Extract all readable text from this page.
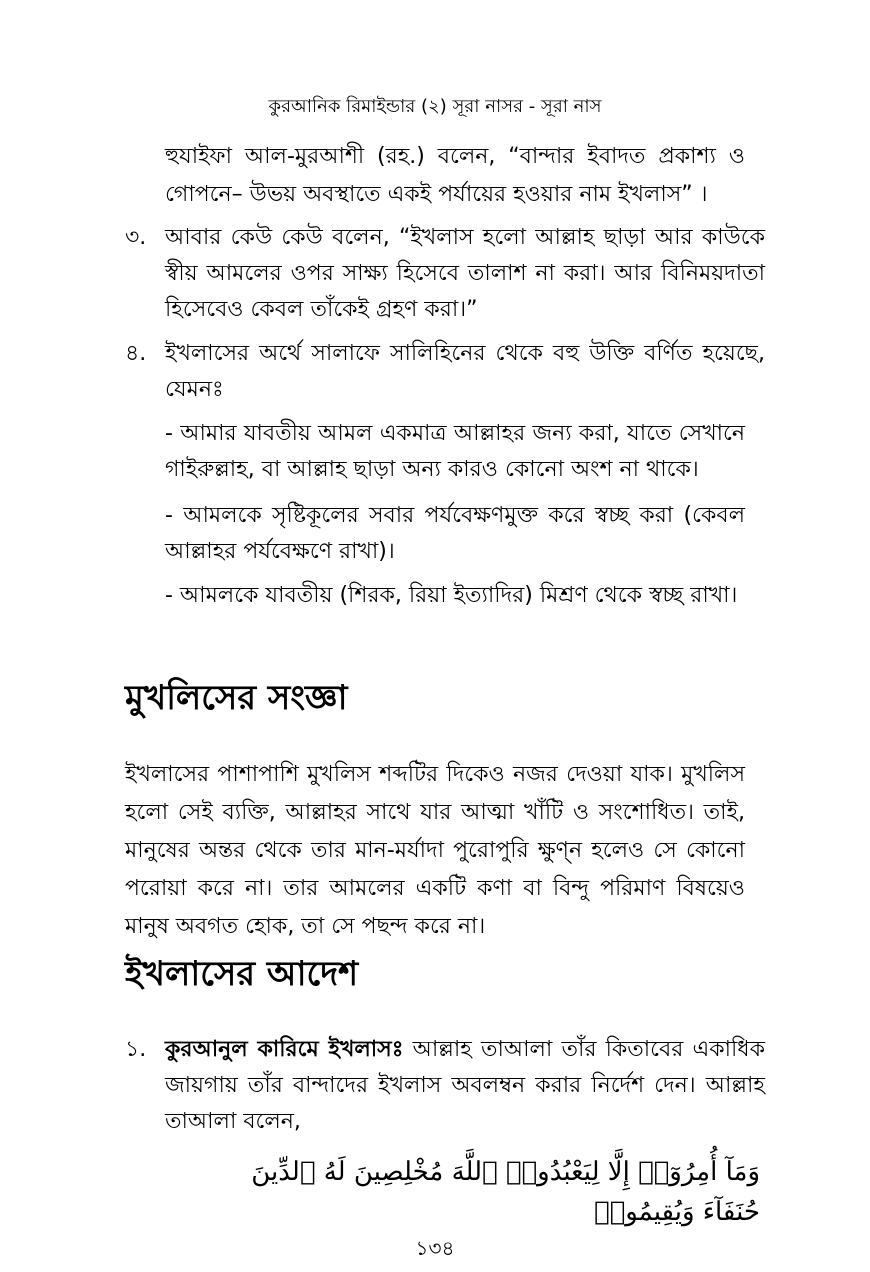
কুরআনিক রিমাইন্ডার (২) সূরা নাসর - সূরা নাস

হুযাইফা আল-মুরআশী (রহ.) বলেন, “বান্দার ইবাদত প্রকাশ্য ও গোপনে– উভয় অবস্থাতে একই পর্যায়ের হওয়ার নাম ইখলাস” ।

৩. আবার কেউ কেউ বলেন, “ইখলাস হলো আল্লাহ ছাড়া আর কাউকে স্বীয় আমলের ওপর সাক্ষ্য হিসেবে তালাশ না করা। আর বিনিময়দাতা হিসেবেও কেবল তাঁকেই গ্রহণ করা।”
৪. ইখলাসের অর্থে সালাফে সালিহিনের থেকে বহু উক্তি বর্ণিত হয়েছে, যেমনঃ
- আমার যাবতীয় আমল একমাত্র আল্লাহর জন্য করা, যাতে সেখানে গাইরুল্লাহ, বা আল্লাহ ছাড়া অন্য কারও কোনো অংশ না থাকে।
- আমলকে সৃষ্টিকূলের সবার পর্যবেক্ষণমুক্ত করে স্বচ্ছ করা (কেবল আল্লাহর পর্যবেক্ষণে রাখা)।
- আমলকে যাবতীয় (শিরক, রিয়া ইত্যাদির) মিশ্রণ থেকে স্বচ্ছ রাখা।
মুখলিসের সংজ্ঞা

ইখলাসের পাশাপাশি মুখলিস শব্দটির দিকেও নজর দেওয়া যাক। মুখলিস হলো সেই ব্যক্তি, আল্লাহর সাথে যার আত্মা খাঁটি ও সংশোধিত। তাই, মানুষের অন্তর থেকে তার মান-মর্যাদা পুরোপুরি ক্ষুণ্ন হলেও সে কোনো পরোয়া করে না। তার আমলের একটি কণা বা বিন্দু পরিমাণ বিষয়েও মানুষ অবগত হোক, তা সে পছন্দ করে না।

ইখলাসের আদেশ
১. কুরআনুল কারিমে ইখলাসঃ আল্লাহ তাআলা তাঁর কিতাবের একাধিক জায়গায় তাঁর বান্দাদের ইখলাস অবলম্বন করার নির্দেশ দেন। আল্লাহ তাআলা বলেন,
وَمَآ أُمِرُوٓا۟ إِلَّا لِيَعْبُدُوا۟ ٱللَّهَ مُخْلِصِينَ لَهُ ٱلدِّينَ حُنَفَآءَ وَيُقِيمُوا۟
১৩৪
